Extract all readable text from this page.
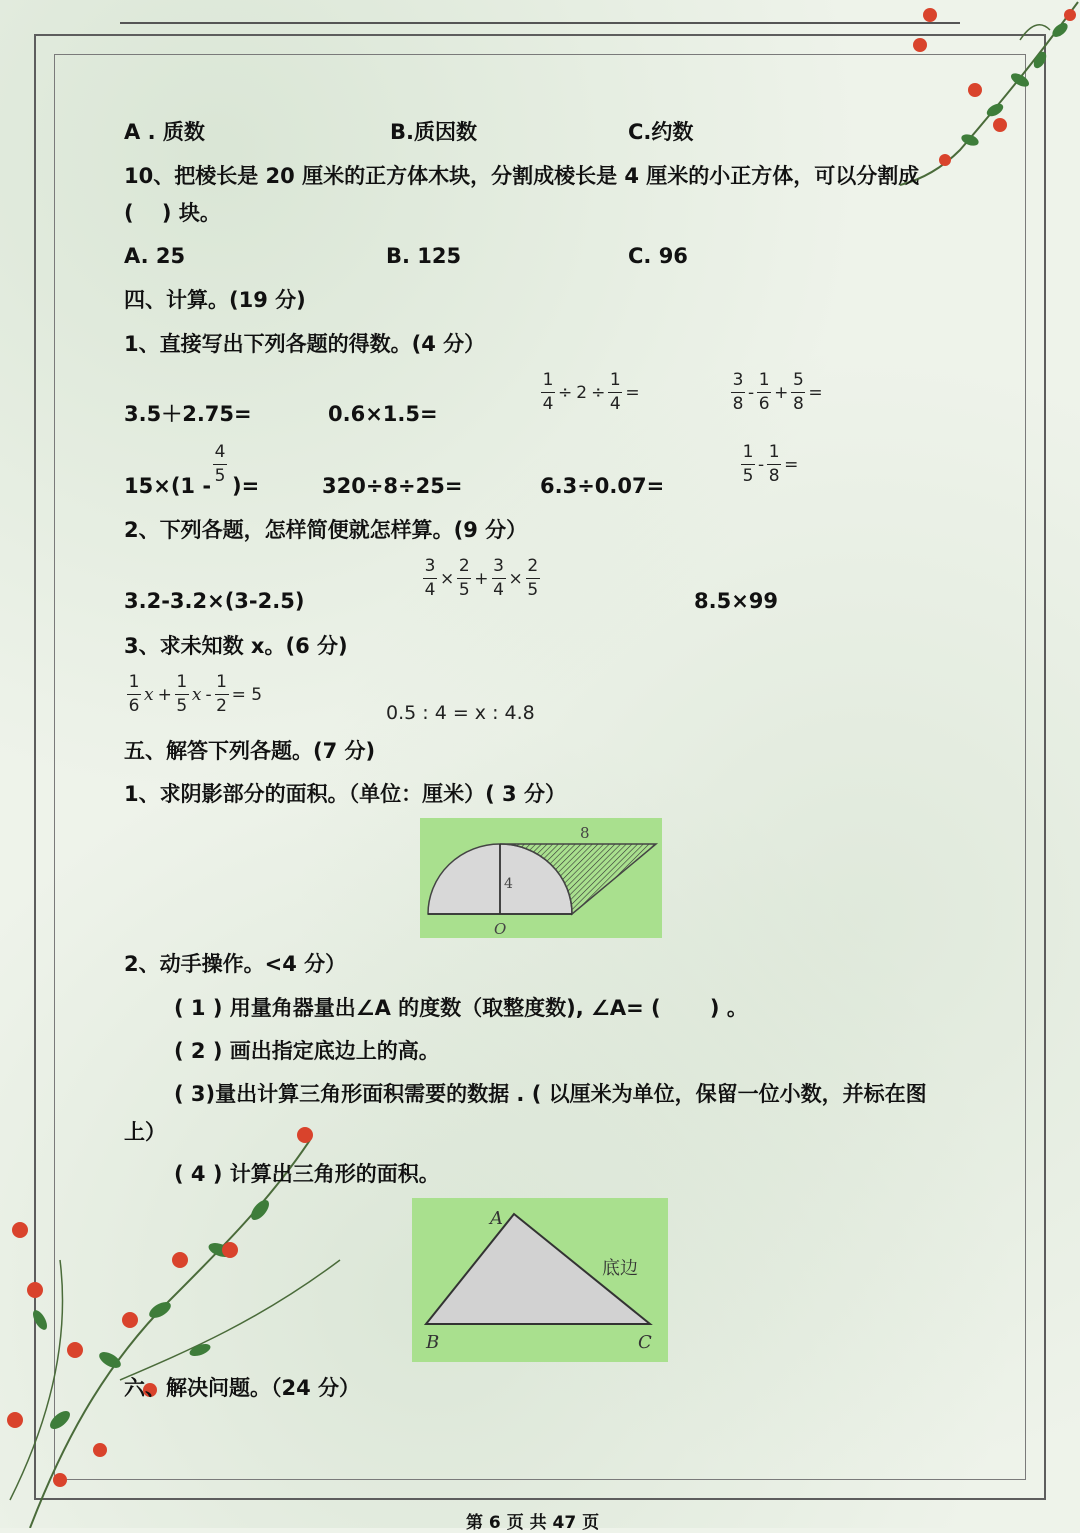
A . 质数	B.质因数	C.约数
10、把棱长是 20 厘米的正方体木块，分割成棱长是 4 厘米的小正方体，可以分割成
(　 ) 块。
A. 25	B. 125	C. 96
四、计算。(19 分)
1、直接写出下列各题的得数。(4 分）
3.5＋2.75=	0.6×1.5=
$\frac{1}{4} \div 2 \div \frac{1}{4}$ =	$\frac{3}{8} - \frac{1}{6} + \frac{5}{8}$ =
15×(1 -
$\frac{4}{5}$
)=	320÷8÷25=	6.3÷0.07=
$\frac{1}{5} - \frac{1}{8}$ =
2、下列各题，怎样简便就怎样算。(9 分）
3.2-3.2×(3-2.5)
$\frac{3}{4} \times \frac{2}{5} + \frac{3}{4} \times \frac{2}{5}$
8.5×99
3、求未知数 x。(6 分)
$\frac{1}{6}$ $x + \frac{1}{5}$ $x - \frac{1}{2} = 5$
0.5 : 4 = x : 4.8
五、解答下列各题。(7 分)
1、求阴影部分的面积。（单位：厘米）( 3 分）
8
4
O
2、动手操作。<4 分）
( 1 ) 用量角器量出∠A 的度数（取整度数), ∠A= (　　 ) 。
( 2 ) 画出指定底边上的高。
( 3)量出计算三角形面积需要的数据 . ( 以厘米为单位，保留一位小数，并标在图
上）
( 4 ) 计算出三角形的面积。
A
B	C
底边
六、解决问题。（24 分）
第 6 页 共 47 页
